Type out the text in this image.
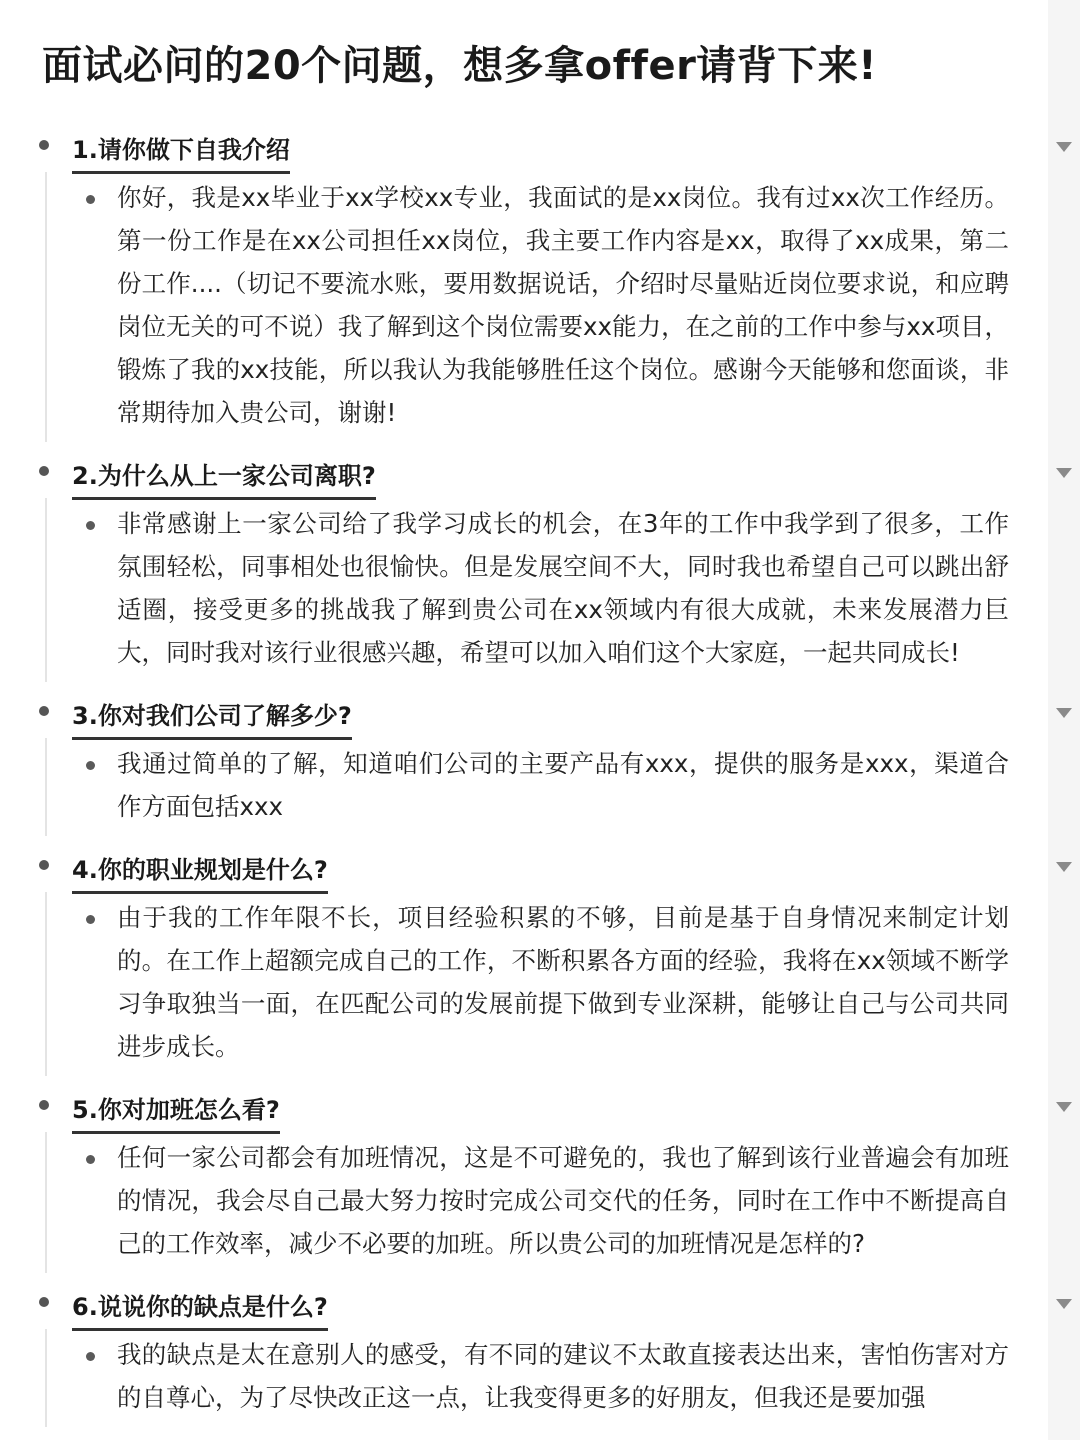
面试必问的20个问题，想多拿offer请背下来!
1.请你做下自我介绍
你好，我是xx毕业于xx学校xx专业，我面试的是xx岗位。我有过xx次工作经历。第一份工作是在xx公司担任xx岗位，我主要工作内容是xx，取得了xx成果，第二份工作....（切记不要流水账，要用数据说话，介绍时尽量贴近岗位要求说，和应聘岗位无关的可不说）我了解到这个岗位需要xx能力，在之前的工作中参与xx项目，锻炼了我的xx技能，所以我认为我能够胜任这个岗位。感谢今天能够和您面谈，非常期待加入贵公司，谢谢!
2.为什么从上一家公司离职?
非常感谢上一家公司给了我学习成长的机会，在3年的工作中我学到了很多，工作氛围轻松，同事相处也很愉快。但是发展空间不大，同时我也希望自己可以跳出舒适圈，接受更多的挑战我了解到贵公司在xx领域内有很大成就，未来发展潜力巨大，同时我对该行业很感兴趣，希望可以加入咱们这个大家庭，一起共同成长!
3.你对我们公司了解多少?
我通过简单的了解，知道咱们公司的主要产品有xxx，提供的服务是xxx，渠道合作方面包括xxx
4.你的职业规划是什么?
由于我的工作年限不长，项目经验积累的不够，目前是基于自身情况来制定计划的。在工作上超额完成自己的工作，不断积累各方面的经验，我将在xx领域不断学习争取独当一面，在匹配公司的发展前提下做到专业深耕，能够让自己与公司共同进步成长。
5.你对加班怎么看?
任何一家公司都会有加班情况，这是不可避免的，我也了解到该行业普遍会有加班的情况，我会尽自己最大努力按时完成公司交代的任务，同时在工作中不断提高自己的工作效率，减少不必要的加班。所以贵公司的加班情况是怎样的?
6.说说你的缺点是什么?
我的缺点是太在意别人的感受，有不同的建议不太敢直接表达出来，害怕伤害对方的自尊心，为了尽快改正这一点，让我变得更多的好朋友，但我还是要加强
